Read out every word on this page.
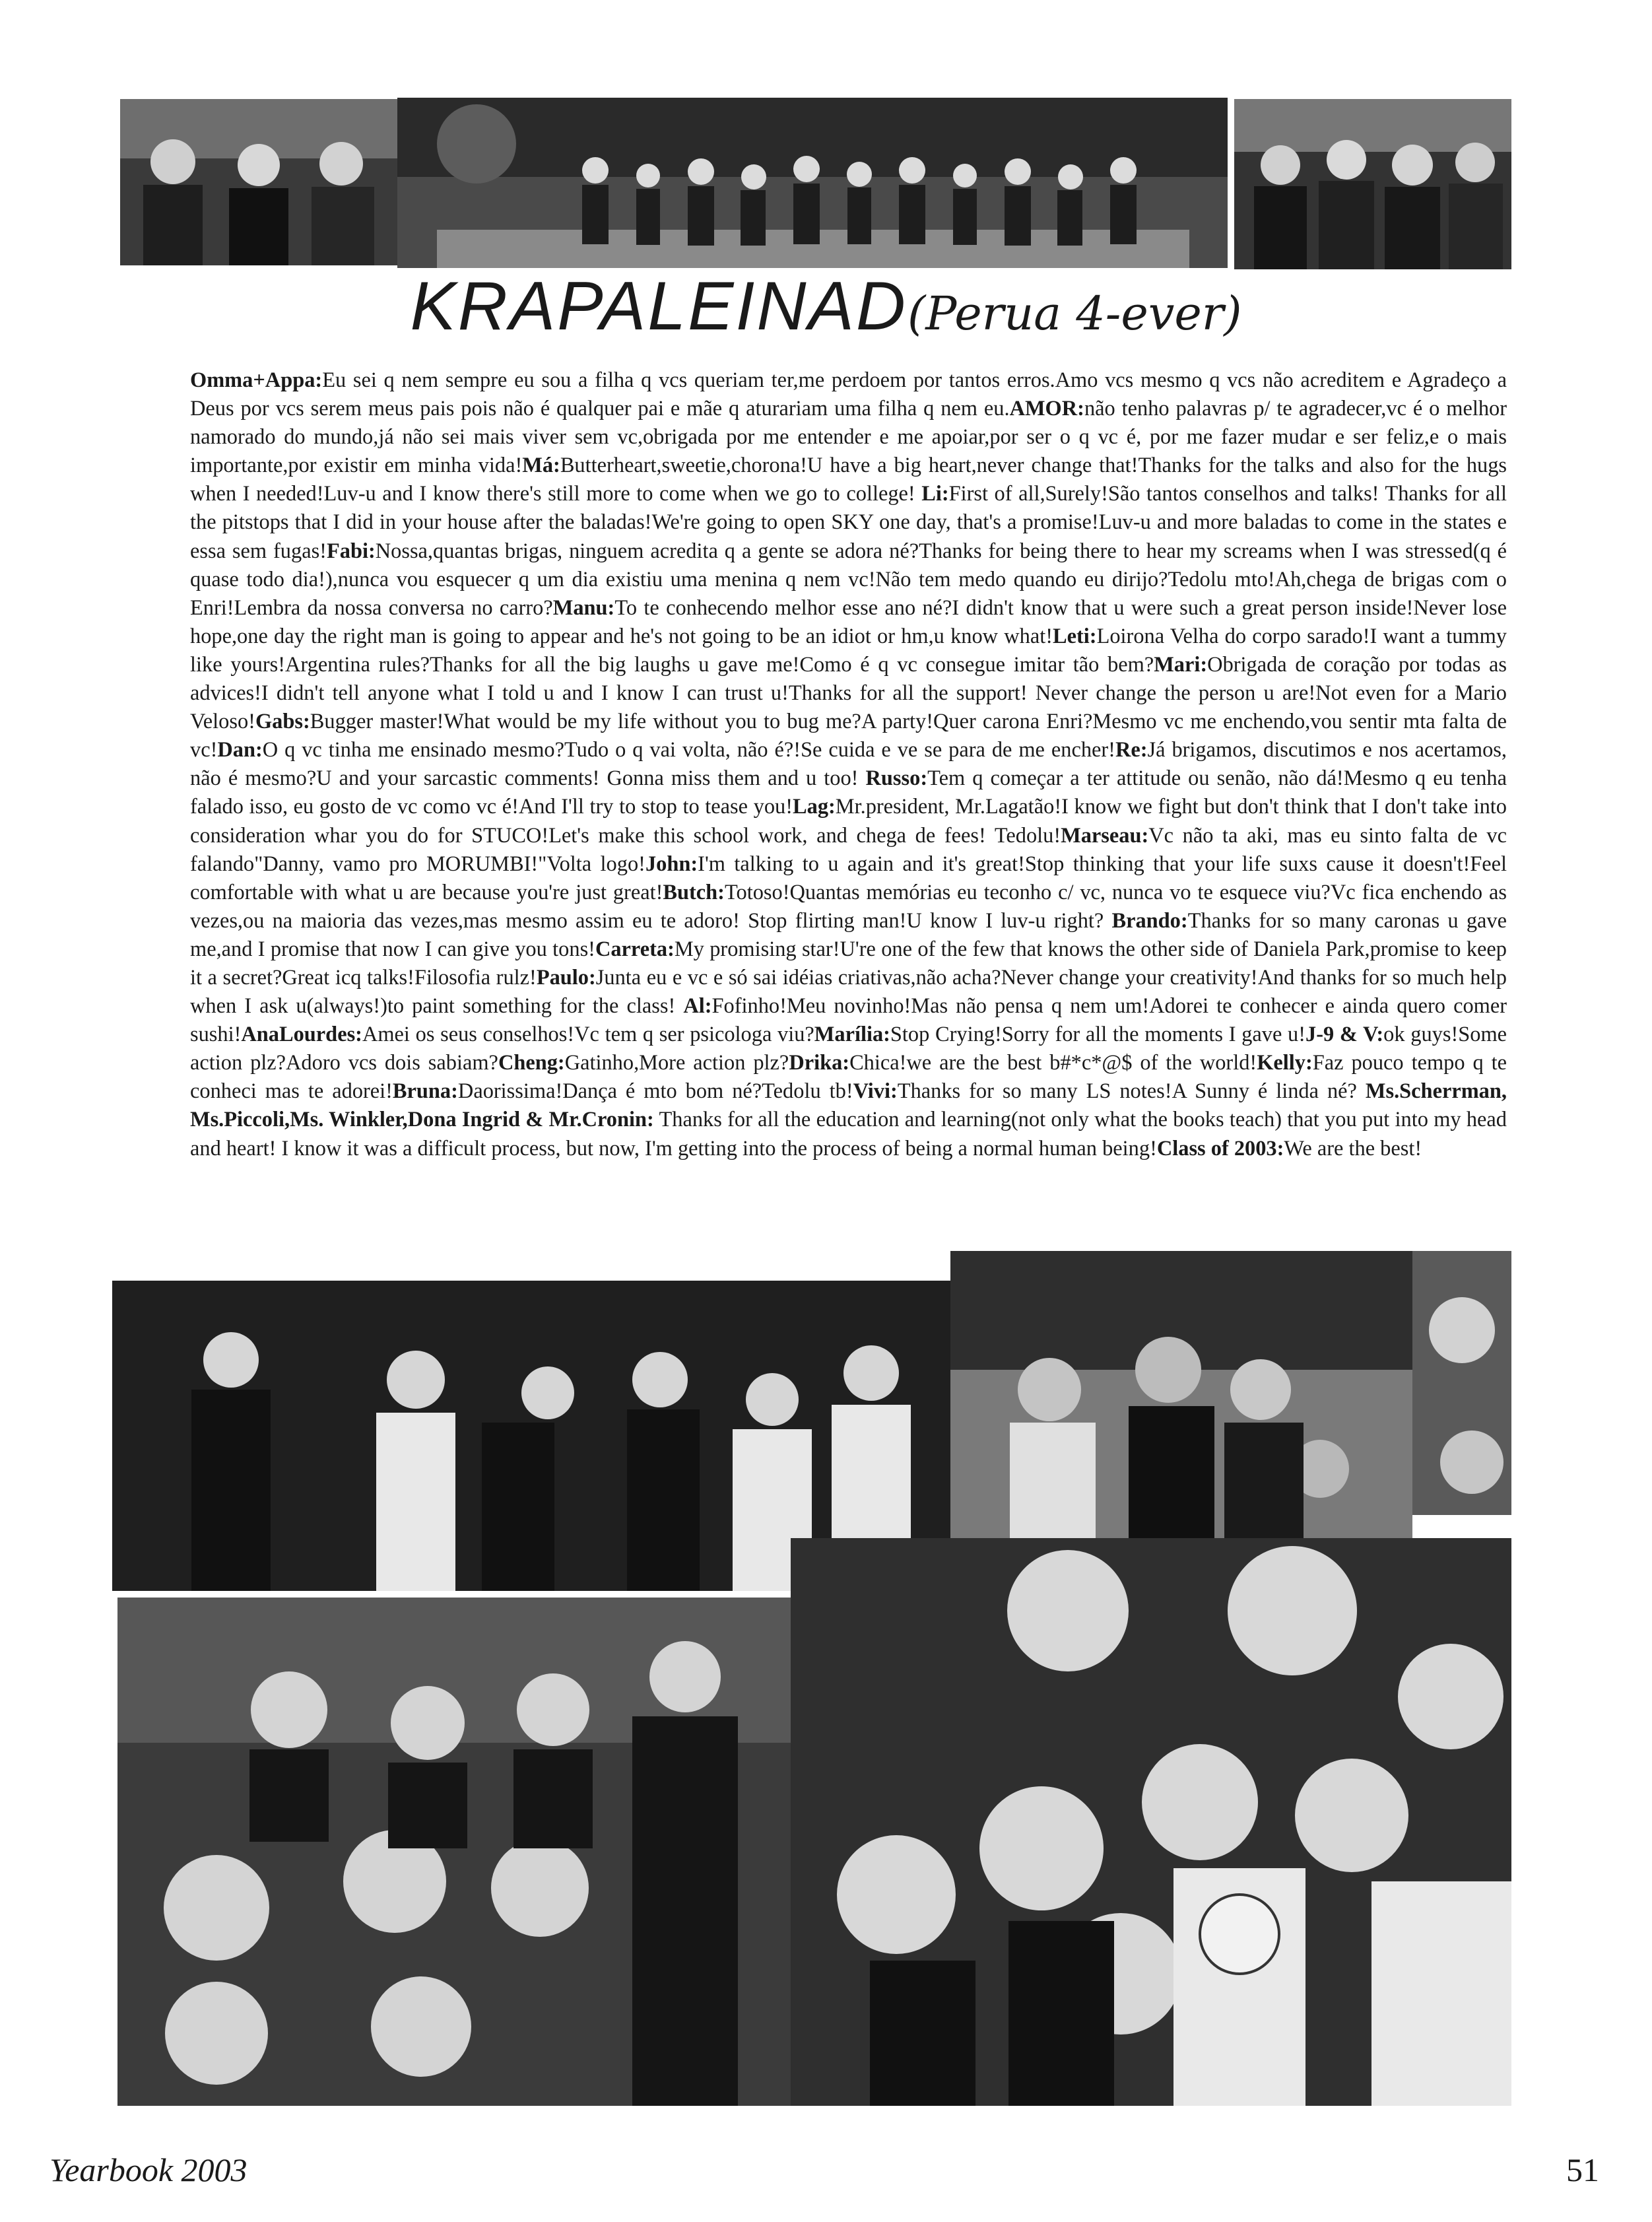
KRAPALEINAD(Perua 4-ever)
Omma+Appa:Eu sei q nem sempre eu sou a filha q vcs queriam ter,me perdoem por tantos erros.Amo vcs mesmo q vcs não acreditem e Agradeço a Deus por vcs serem meus pais pois não é qualquer pai e mãe q aturariam uma filha q nem eu.AMOR:não tenho palavras p/ te agradecer,vc é o melhor namorado do mundo,já não sei mais viver sem vc,obrigada por me entender e me apoiar,por ser o q vc é, por me fazer mudar e ser feliz,e o mais importante,por existir em minha vida!Má:Butterheart,sweetie,chorona!U have a big heart,never change that!Thanks for the talks and also for the hugs when I needed!Luv-u and I know there's still more to come when we go to college! Li:First of all,Surely!São tantos conselhos and talks! Thanks for all the pitstops that I did in your house after the baladas!We're going to open SKY one day, that's a promise!Luv-u and more baladas to come in the states e essa sem fugas!Fabi:Nossa,quantas brigas, ninguem acredita q a gente se adora né?Thanks for being there to hear my screams when I was stressed(q é quase todo dia!),nunca vou esquecer q um dia existiu uma menina q nem vc!Não tem medo quando eu dirijo?Tedolu mto!Ah,chega de brigas com o Enri!Lembra da nossa conversa no carro?Manu:To te conhecendo melhor esse ano né?I didn't know that u were such a great person inside!Never lose hope,one day the right man is going to appear and he's not going to be an idiot or hm,u know what!Leti:Loirona Velha do corpo sarado!I want a tummy like yours!Argentina rules?Thanks for all the big laughs u gave me!Como é q vc consegue imitar tão bem?Mari:Obrigada de coração por todas as advices!I didn't tell anyone what I told u and I know I can trust u!Thanks for all the support! Never change the person u are!Not even for a Mario Veloso!Gabs:Bugger master!What would be my life without you to bug me?A party!Quer carona Enri?Mesmo vc me enchendo,vou sentir mta falta de vc!Dan:O q vc tinha me ensinado mesmo?Tudo o q vai volta, não é?!Se cuida e ve se para de me encher!Re:Já brigamos, discutimos e nos acertamos, não é mesmo?U and your sarcastic comments! Gonna miss them and u too! Russo:Tem q começar a ter attitude ou senão, não dá!Mesmo q eu tenha falado isso, eu gosto de vc como vc é!And I'll try to stop to tease you!Lag:Mr.president, Mr.Lagatão!I know we fight but don't think that I don't take into consideration whar you do for STUCO!Let's make this school work, and chega de fees! Tedolu!Marseau:Vc não ta aki, mas eu sinto falta de vc falando"Danny, vamo pro MORUMBI!"Volta logo!John:I'm talking to u again and it's great!Stop thinking that your life suxs cause it doesn't!Feel comfortable with what u are because you're just great!Butch:Totoso!Quantas memórias eu teconho c/ vc, nunca vo te esquece viu?Vc fica enchendo as vezes,ou na maioria das vezes,mas mesmo assim eu te adoro! Stop flirting man!U know I luv-u right? Brando:Thanks for so many caronas u gave me,and I promise that now I can give you tons!Carreta:My promising star!U're one of the few that knows the other side of Daniela Park,promise to keep it a secret?Great icq talks!Filosofia rulz!Paulo:Junta eu e vc e só sai idéias criativas,não acha?Never change your creativity!And thanks for so much help when I ask u(always!)to paint something for the class! Al:Fofinho!Meu novinho!Mas não pensa q nem um!Adorei te conhecer e ainda quero comer sushi!AnaLourdes:Amei os seus conselhos!Vc tem q ser psicologa viu?Marília:Stop Crying!Sorry for all the moments I gave u!J-9 & V:ok guys!Some action plz?Adoro vcs dois sabiam?Cheng:Gatinho,More action plz?Drika:Chica!we are the best b#*c*@$ of the world!Kelly:Faz pouco tempo q te conheci mas te adorei!Bruna:Daorissima!Dança é mto bom né?Tedolu tb!Vivi:Thanks for so many LS notes!A Sunny é linda né? Ms.Scherrman, Ms.Piccoli,Ms. Winkler,Dona Ingrid & Mr.Cronin: Thanks for all the education and learning(not only what the books teach) that you put into my head and heart! I know it was a difficult process, but now, I'm getting into the process of being a normal human being!Class of 2003:We are the best!
Yearbook 2003	51
